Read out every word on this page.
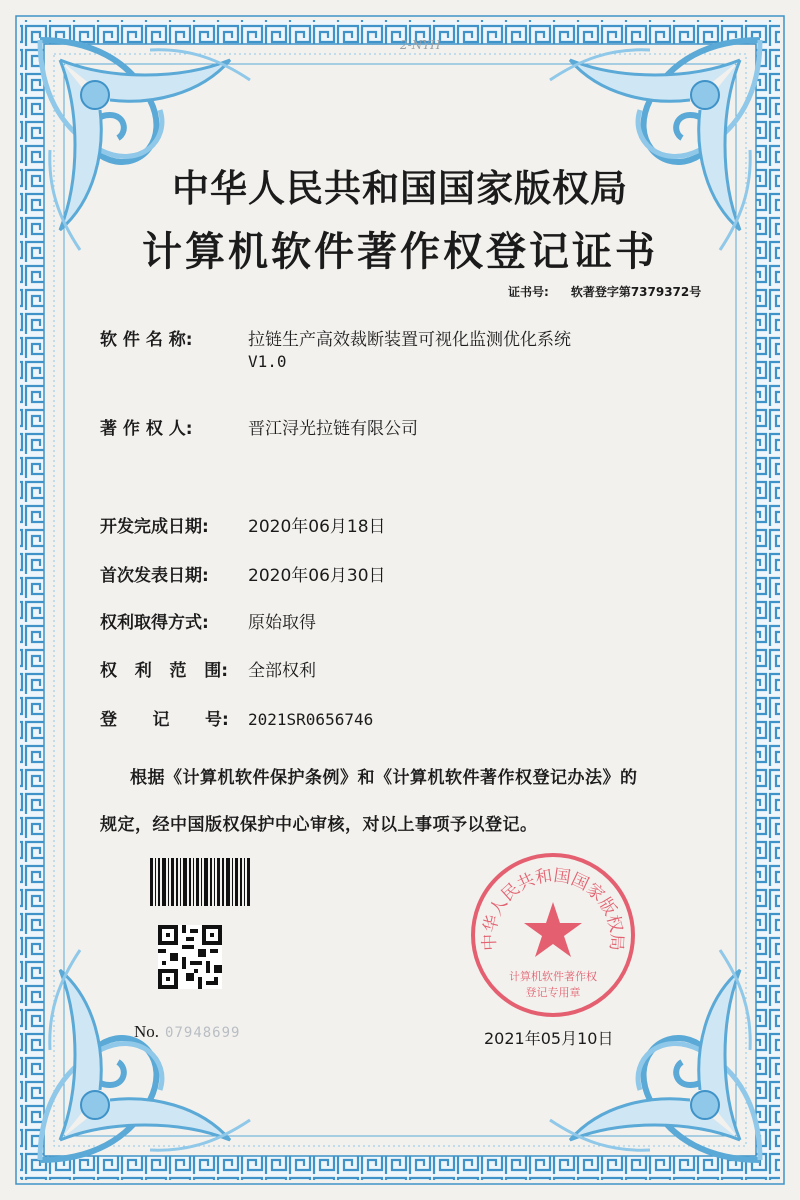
2-NYH
中华人民共和国国家版权局
计算机软件著作权登记证书
证书号: 软著登字第7379372号
软 件 名 称:	拉链生产高效裁断装置可视化监测优化系统
V1.0
著 作 权 人:	晋江浔光拉链有限公司
开发完成日期: 2020年06月18日
首次发表日期: 2020年06月30日
权利取得方式: 原始取得
权   利   范   围: 全部权利
登      记      号: 2021SR0656746
根据《计算机软件保护条例》和《计算机软件著作权登记办法》的
规定，经中国版权保护中心审核，对以上事项予以登记。
No. 07948699
中华人民共和国国家版权局
计算机软件著作权
登记专用章
2021年05月10日
